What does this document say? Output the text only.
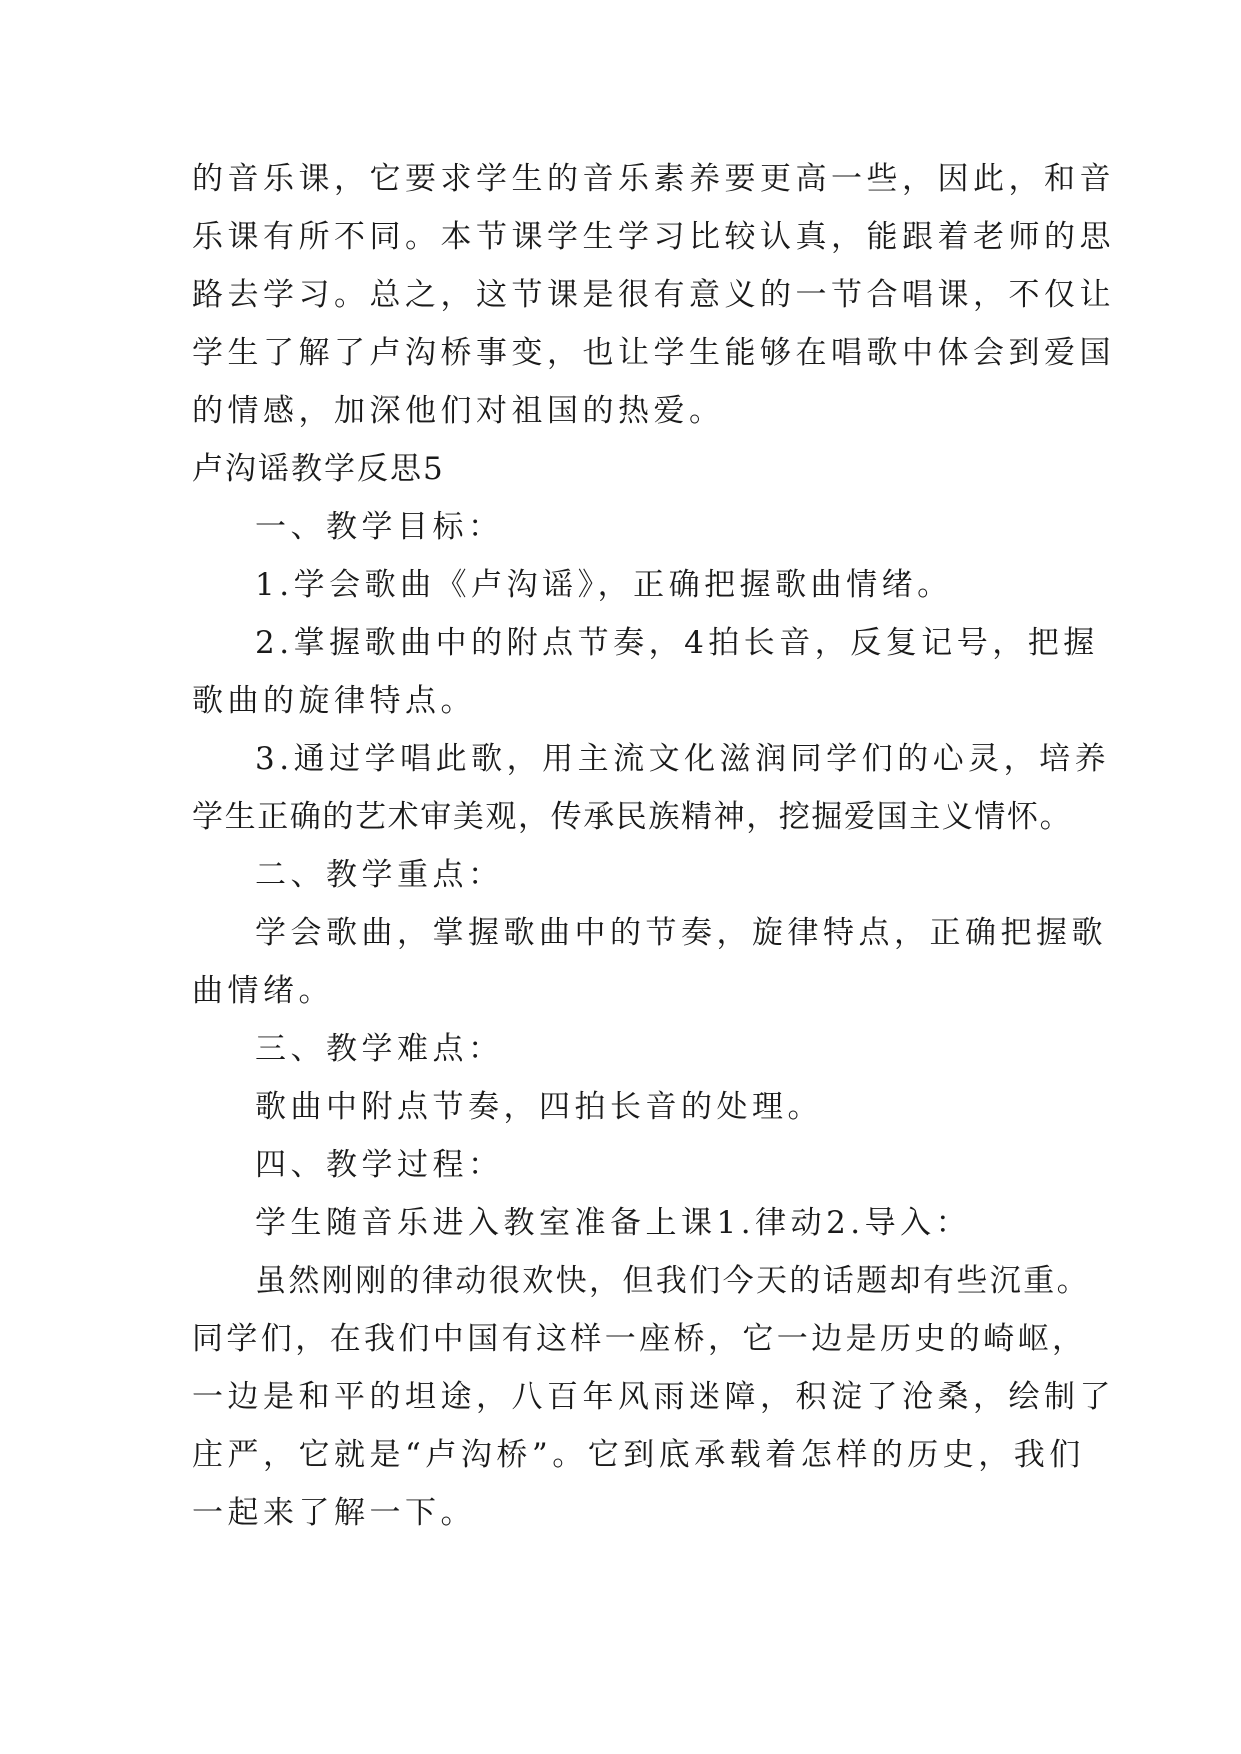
的音乐课，它要求学生的音乐素养要更高一些，因此，和音
乐课有所不同。本节课学生学习比较认真，能跟着老师的思
路去学习。总之，这节课是很有意义的一节合唱课，不仅让
学生了解了卢沟桥事变，也让学生能够在唱歌中体会到爱国
的情感，加深他们对祖国的热爱。
卢沟谣教学反思5
一、教学目标：
1.学会歌曲《卢沟谣》，正确把握歌曲情绪。
2.掌握歌曲中的附点节奏，4拍长音，反复记号，把握
歌曲的旋律特点。
3.通过学唱此歌，用主流文化滋润同学们的心灵，培养
学生正确的艺术审美观，传承民族精神，挖掘爱国主义情怀。
二、教学重点：
学会歌曲，掌握歌曲中的节奏，旋律特点，正确把握歌
曲情绪。
三、教学难点：
歌曲中附点节奏，四拍长音的处理。
四、教学过程：
学生随音乐进入教室准备上课1.律动2.导入：
虽然刚刚的律动很欢快，但我们今天的话题却有些沉重。
同学们，在我们中国有这样一座桥，它一边是历史的崎岖，
一边是和平的坦途，八百年风雨迷障，积淀了沧桑，绘制了
庄严，它就是“卢沟桥”。它到底承载着怎样的历史，我们
一起来了解一下。
